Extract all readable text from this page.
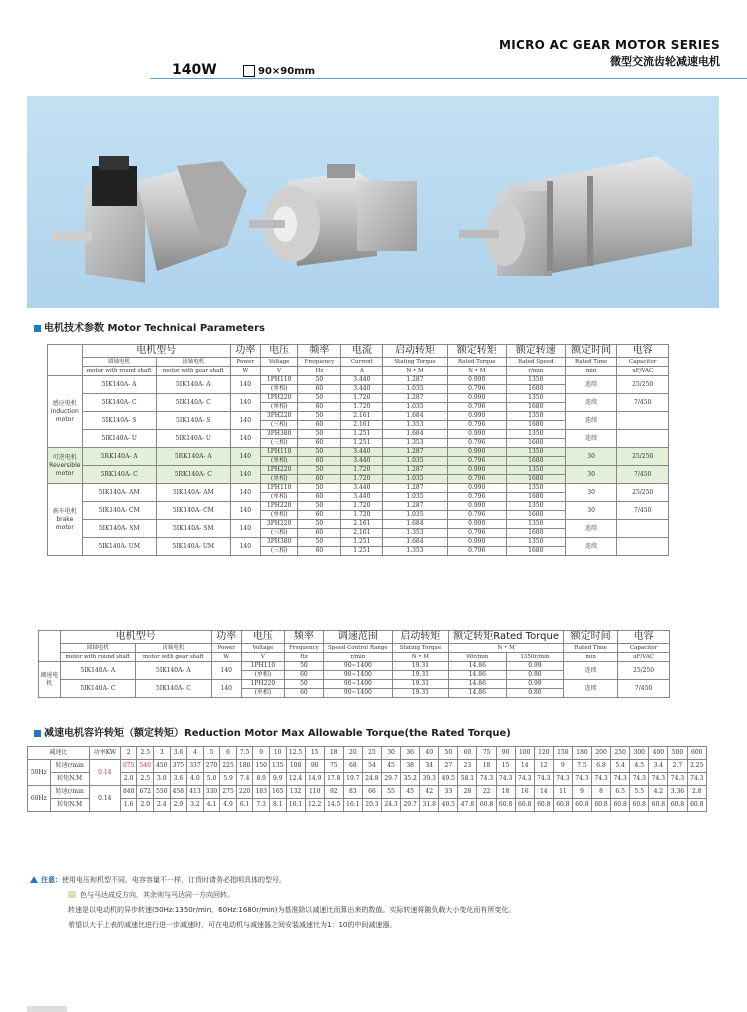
MICRO AC GEAR MOTOR SERIES
微型交流齿轮减速电机
140W	90×90mm
电机技术参数 Motor Technical Parameters
	电机型号		功率	电压	频率	电流	启动转矩	额定转矩	额定转速	额定时间	电容
	圆轴电机	齿轴电机	Power	Voltage	Frequency	Current	Stating Torque	Rated Torque	Rated Speed	Rated Time	Capacitor
	motor with round shaft	motor with gear shaft	W	V	Hz	A	N • M	N • M	r/min	min	uF/VAC
感应电机 induction motor	5IK140A- A	5IK140A- A	140	1PH110	50	3.440	1.287	0.990	1350	连续	25/250
				(单相)	60	3.440	1.035	0.796	1680		
	5IK140A- C	5IK140A- C	140	1PH220	50	1.720	1.287	0.990	1350	连续	7/450
				(单相)	60	1.720	1.035	0.796	1680		
	5IK140A- S	5IK140A- S	140	3PH220	50	2.161	1.684	0.990	1350	连续	
				(三相)	60	2.161	1.353	0.796	1680		
	5IK140A- U	5IK140A- U	140	3PH380	50	1.251	1.684	0.990	1350	连续	
				(三相)	60	1.251	1.353	0.796	1680		
可逆电机 Reversible motor	5RK140A- A	5RK140A- A	140	1PH110	50	3.440	1.287	0.990	1350	30	25/250
				(单相)	60	3.440	1.035	0.796	1680		
	5RK140A- C	5RK140A- C	140	1PH220	50	1.720	1.287	0.990	1350	30	7/450
				(单相)	60	1.720	1.035	0.796	1680		
刹车电机 brake motor	5IK140A- AM	5IK140A- AM	140	1PH110	50	3.440	1.287	0.990	1350	30	25/250
				(单相)	60	3.440	1.035	0.796	1680		
	5IK140A- CM	5IK140A- CM	140	1PH220	50	1.720	1.287	0.990	1350	30	7/450
				(单相)	60	1.720	1.035	0.796	1680		
	5IK140A- SM	5IK140A- SM	140	3PH220	50	2.161	1.684	0.990	1350	连续	
				(三相)	60	2.161	1.353	0.796	1680		
	5IK140A- UM	5IK140A- UM	140	3PH380	50	1.251	1.684	0.990	1350	连续	
				(三相)	60	1.251	1.353	0.796	1680		
	电机型号		功率	电压	频率	调速范围	启动转矩	额定转矩Rated Torque		额定时间	电容
	圆轴电机	齿轴电机	Power	Voltage	Frequency	Speed Control Range	Stating Torque	N • M		Rated Time	Capacitor
	motor with round shaft	motor with gear shaft	W	V	Hz	r/min	N • M	90r/min	1350r/min	min	uF/VAC
调速电机	5IK140A- A	5IK140A- A	140	1PH110	50	90~1400	19.31	14.86	0.99	连续	25/250
				(单相)	60	90~1400	19.31	14.86	0.80		
	5IK140A- C	5IK140A- C	140	1PH220	50	90~1400	19.31	14.86	0.99	连续	7/450
				(单相)	60	90~1400	19.31	14.86	0.80		
减速电机容许转矩（额定转矩）Reduction Motor Max Allowable Torque(the Rated Torque)
减速比		功率KW	2	2.5	3	3.6	4	5	6	7.5	9	10	12.5	15	18	20	25	30	36	40	50	60	75	90	100	120	150	180	200	250	300	400	500	600
50Hz	转速r/min	0.14	675	540	450	375	337	270	225	180	150	135	108	90	75	68	54	45	38	34	27	23	18	15	14	12	9	7.5	6.8	5.4	4.5	3.4	2.7	2.25
	转矩N.M		2.0	2.5	3.0	3.6	4.0	5.0	5.9	7.4	8.9	9.9	12.4	14.9	17.8	19.7	24.8	29.7	35.2	39.3	49.5	58.1	74.3	74.3	74.3	74.3	74.3	74.3	74.3	74.3	74.3	74.3	74.3	74.3
60Hz	转速r/min	0.14	840	672	550	458	413	330	275	220	183	165	132	110	92	83	66	55	45	42	33	28	22	18	16	14	11	9	8	6.5	5.5	4.2	3.36	2.8
	转矩N.M		1.6	2.0	2.4	2.9	3.2	4.1	4.9	6.1	7.3	8.1	10.1	12.2	14.5	16.1	20.3	24.3	29.7	31.8	40.5	47.8	60.8	60.8	60.8	60.8	60.8	60.8	60.8	60.8	60.8	60.8	60.8	60.8
注意：使用电压和机型不同，电容容量不一样，订货时请务必指明具体的型号。
色与马达成反方向，其余则与马达同一方向回转。
转速是以电动机的异步转速(50Hz:1350r/min、60Hz:1680r/min)为基准除以减速比而算出来的数值。实际转速将随负载大小变化而有所变化。
希望以大于上表的减速比进行进一步减速时，可在电动机与减速器之间安装减速比为1：10的中间减速器。
